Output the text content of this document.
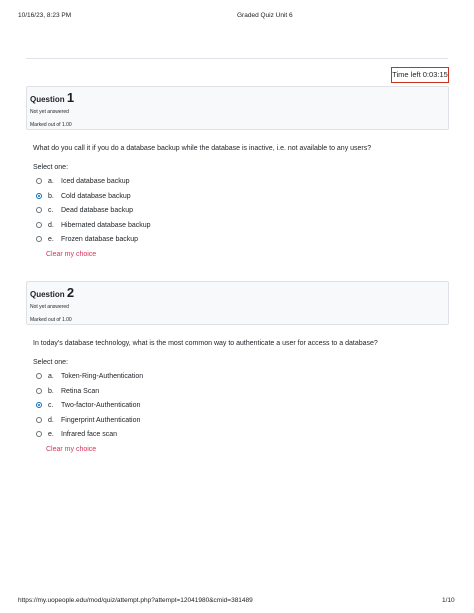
10/16/23, 8:23 PM	Graded Quiz Unit 6
Time left 0:03:15
Question 1
Not yet answered
Marked out of 1.00
What do you call it if you do a database backup while the database is inactive, i.e. not available to any users?
Select one:
a.	Iced database backup
b.	Cold database backup
c.	Dead database backup
d.	Hibernated database backup
e.	Frozen database backup
Clear my choice
Question 2
Not yet answered
Marked out of 1.00
In today's database technology, what is the most common way to authenticate a user for access to a database?
Select one:
a.	Token-Ring-Authentication
b.	Retina Scan
c.	Two-factor-Authentication
d.	Fingerprint Authentication
e.	Infrared face scan
Clear my choice
https://my.uopeople.edu/mod/quiz/attempt.php?attempt=12041980&cmid=381489	1/10
